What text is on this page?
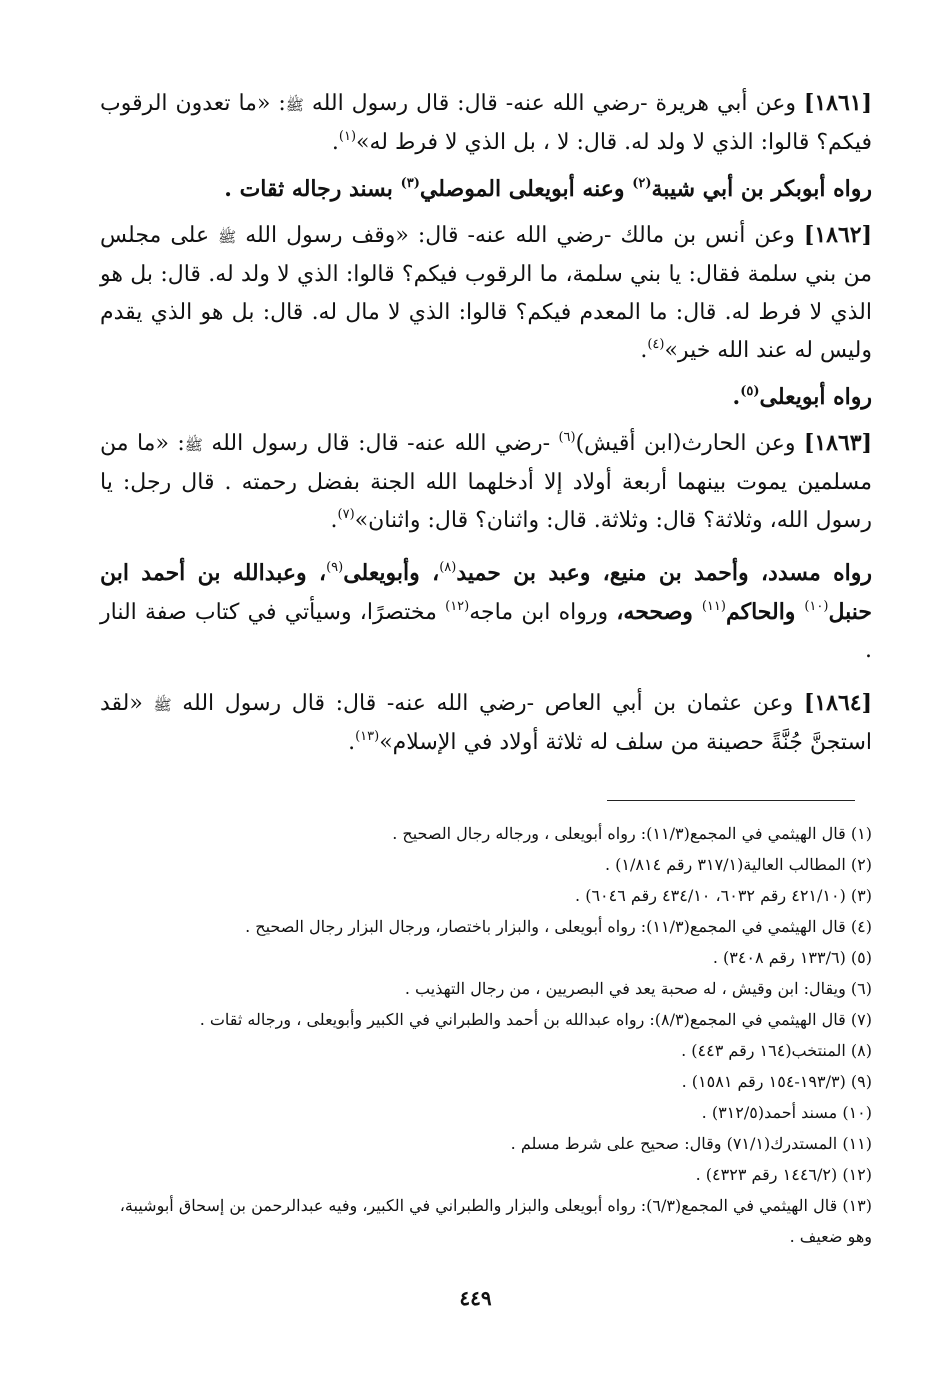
[١٨٦١] وعن أبي هريرة -رضي الله عنه- قال: قال رسول الله ﷺ: «ما تعدون الرقوب فيكم؟ قالوا: الذي لا ولد له. قال: لا ، بل الذي لا فرط له»$^{(١)}$.

رواه أبوبكر بن أبي شيبة$^{(٢)}$ وعنه أبويعلى الموصلي$^{(٣)}$ بسند رجاله ثقات .

[١٨٦٢] وعن أنس بن مالك -رضي الله عنه- قال: «وقف رسول الله ﷺ على مجلس من بني سلمة فقال: يا بني سلمة، ما الرقوب فيكم؟ قالوا: الذي لا ولد له. قال: بل هو الذي لا فرط له. قال: ما المعدم فيكم؟ قالوا: الذي لا مال له. قال: بل هو الذي يقدم وليس له عند الله خير»$^{(٤)}$.

رواه أبويعلى$^{(٥)}$.

[١٨٦٣] وعن الحارث(ابن أقيش)$^{(٦)}$ -رضي الله عنه- قال: قال رسول الله ﷺ: «ما من مسلمين يموت بينهما أربعة أولاد إلا أدخلهما الله الجنة بفضل رحمته . قال رجل: يا رسول الله، وثلاثة؟ قال: وثلاثة. قال: واثنان؟ قال: واثنان»$^{(٧)}$.

رواه مسدد، وأحمد بن منيع، وعبد بن حميد$^{(٨)}$، وأبويعلى$^{(٩)}$، وعبدالله بن أحمد ابن حنبل$^{(١٠)}$ والحاكم$^{(١١)}$ وصححه، ورواه ابن ماجه$^{(١٢)}$ مختصرًا، وسيأتي في كتاب صفة النار .

[١٨٦٤] وعن عثمان بن أبي العاص -رضي الله عنه- قال: قال رسول الله ﷺ «لقد استجنَّ جُنَّةً حصينة من سلف له ثلاثة أولاد في الإسلام»$^{(١٣)}$.

(١) قال الهيثمي في المجمع(١١/٣): رواه أبويعلى ، ورجاله رجال الصحيح .

(٢) المطالب العالية(٣١٧/١ رقم ١/٨١٤) .

(٣) (٤٢١/١٠ رقم ٦٠٣٢، ٤٣٤/١٠ رقم ٦٠٤٦) .

(٤) قال الهيثمي في المجمع(١١/٣): رواه أبويعلى ، والبزار باختصار، ورجال البزار رجال الصحيح .

(٥) (١٣٣/٦ رقم ٣٤٠٨) .

(٦) ويقال: ابن وقيش ، له صحبة يعد في البصريين ، من رجال التهذيب .

(٧) قال الهيثمي في المجمع(٨/٣): رواه عبدالله بن أحمد والطبراني في الكبير وأبويعلى ، ورجاله ثقات .

(٨) المنتخب(١٦٤ رقم ٤٤٣) .

(٩) (١٩٣/٣-١٥٤ رقم ١٥٨١) .

(١٠) مسند أحمد(٣١٢/٥) .

(١١) المستدرك(٧١/١) وقال: صحيح على شرط مسلم .

(١٢) (١٤٤٦/٢ رقم ٤٣٢٣) .

(١٣) قال الهيثمي في المجمع(٦/٣): رواه أبويعلى والبزار والطبراني في الكبير، وفيه عبدالرحمن بن إسحاق أبوشيبة، وهو ضعيف .

٤٤٩
